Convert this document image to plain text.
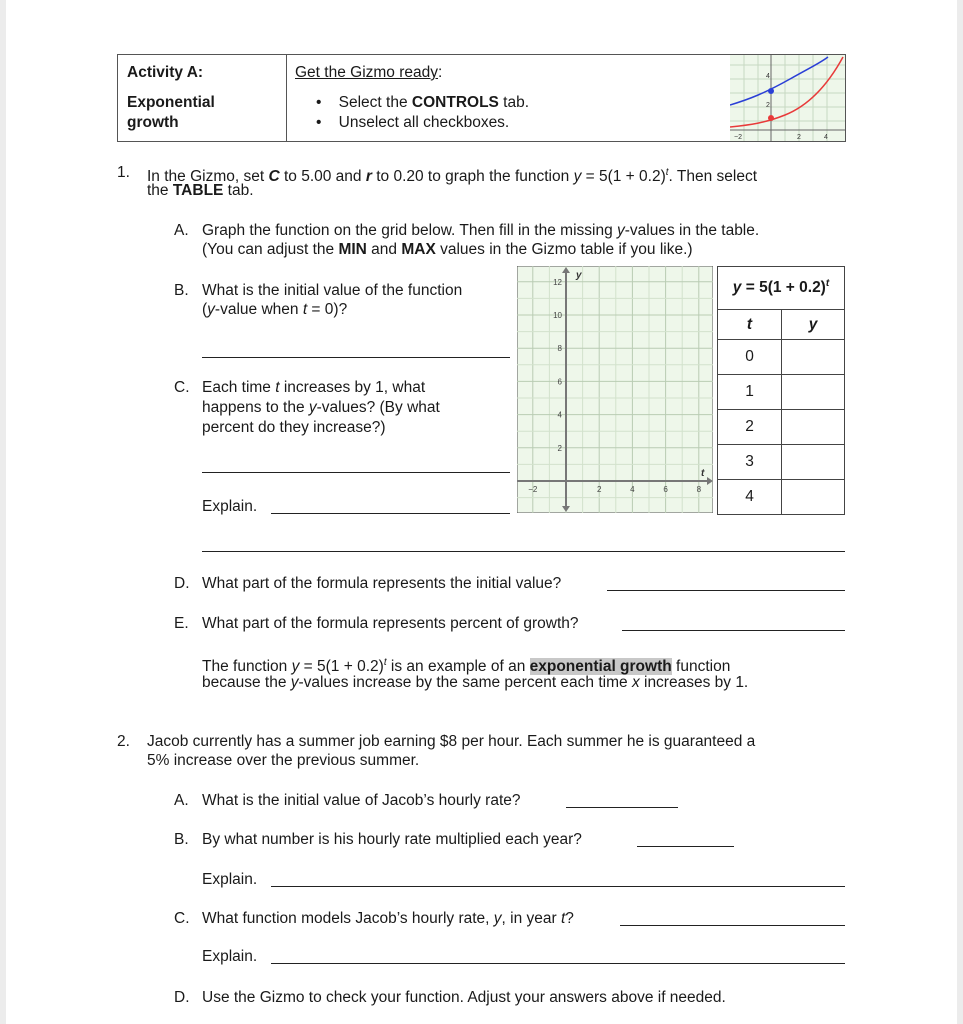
Activity A:
Exponential
growth
Get the Gizmo ready:
•    Select the CONTROLS tab.
•    Unselect all checkboxes.
4
2
−2	2	4
1. In the Gizmo, set C to 5.00 and r to 0.20 to graph the function $y = 5(1 + 0.2)^t$. Then select
the TABLE tab.
A. Graph the function on the grid below. Then fill in the missing y-values in the table.
(You can adjust the MIN and MAX values in the Gizmo table if you like.)
B. What is the initial value of the function
(y-value when t = 0)?
C. Each time t increases by 1, what
happens to the y-values? (By what
percent do they increase?)
Explain.
12
10
8
6
4
2
−2	2	4	6	8
y
t
$y = 5(1 + 0.2)^t$
t	y
0	
1	
2	
3	
4	
D. What part of the formula represents the initial value?
E. What part of the formula represents percent of growth?
The function $y = 5(1 + 0.2)^t$ is an example of an exponential growth function
because the y-values increase by the same percent each time x increases by 1.
2. Jacob currently has a summer job earning $8 per hour. Each summer he is guaranteed a
5% increase over the previous summer.
A. What is the initial value of Jacob’s hourly rate?
B. By what number is his hourly rate multiplied each year?
Explain.
C. What function models Jacob’s hourly rate, y, in year t?
Explain.
D. Use the Gizmo to check your function. Adjust your answers above if needed.
